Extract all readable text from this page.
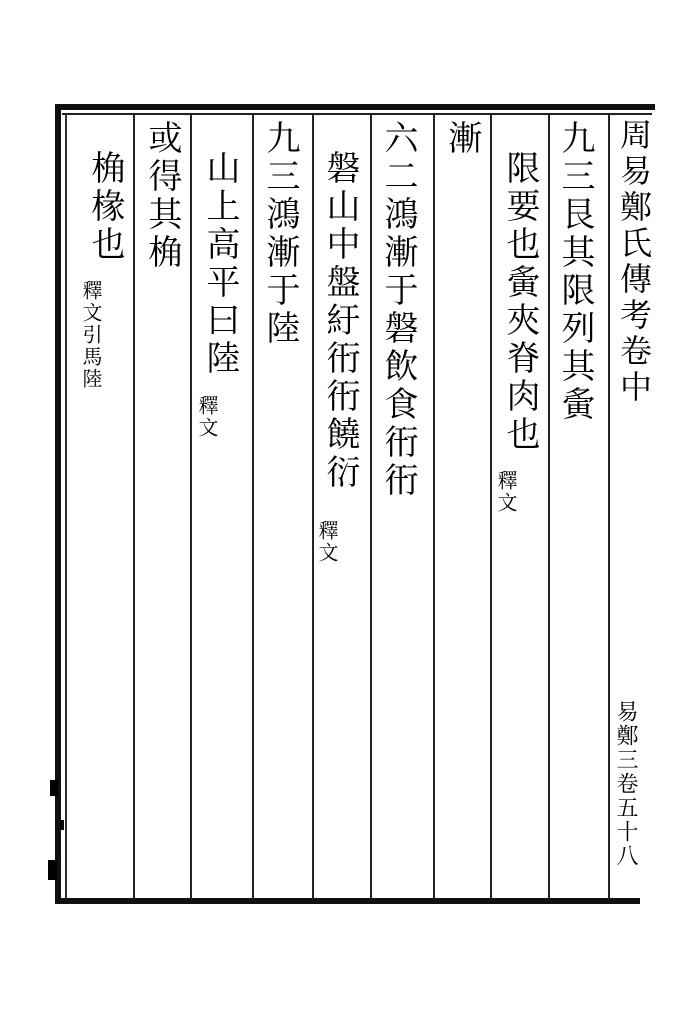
周易鄭氏傳考卷中
九三艮其限列其夤
限要也夤夾脊肉也
釋文
漸
六二鴻漸于磐飲食衎衎
磐山中盤紆衎衎饒衍
釋文
九三鴻漸于陸
山上高平曰陸
釋文
或得其桷
桷椽也
釋文引馬陸
易鄭三卷五十八
